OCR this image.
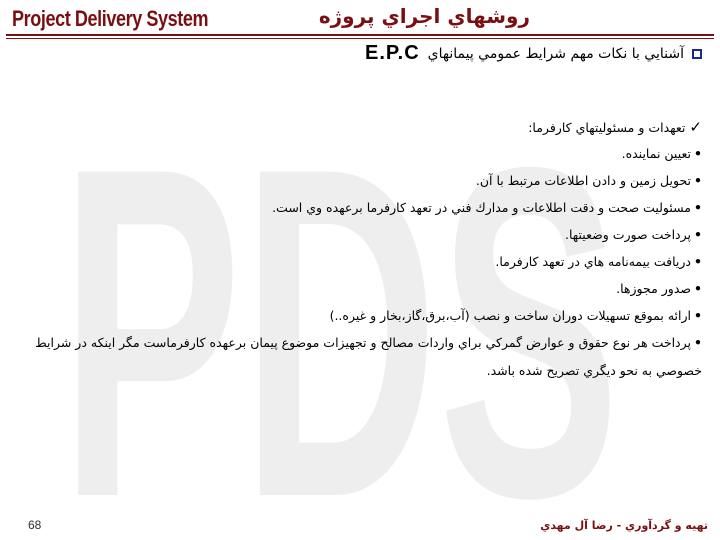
PDS
Project Delivery System	روشهاي اجراي پروژه
آشنايي با نكات مهم شرايط عمومي پيمانهاي
E.P.C
✓
تعهدات و مسئوليتهاي كارفرما:
•تعيين نماينده.
•تحويل زمين و دادن اطلاعات مرتبط با آن.
•مسئوليت صحت و دقت اطلاعات و مدارك فني در تعهد كارفرما برعهده وي است.
•پرداخت صورت وضعيتها.
•دريافت بيمه‌نامه هاي در تعهد كارفرما.
•صدور مجوزها.
•ارائه بموقع تسهيلات دوران ساخت و نصب (آب،برق،گاز،بخار و غيره..)
•پرداخت هر نوع حقوق و عوارض گمركي براي واردات مصالح و تجهيزات موضوع پيمان برعهده كارفرماست مگر اينكه در شرايط خصوصي به نحو ديگري تصريح شده باشد.
68	تهيه و گردآوري - رضا آل مهدي
